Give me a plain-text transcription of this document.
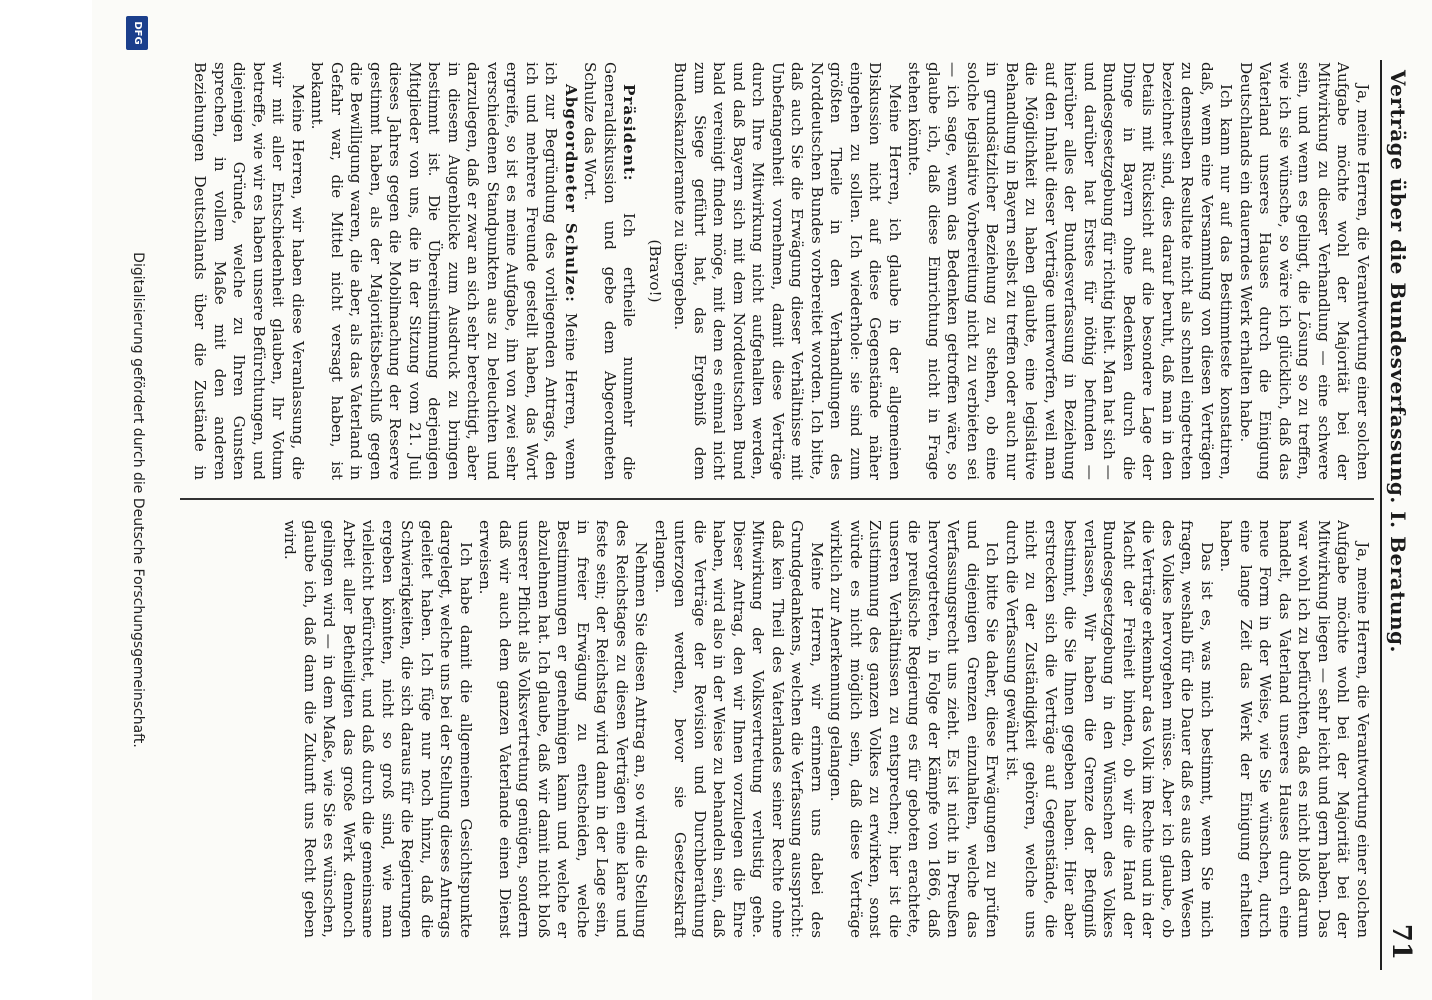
Verträge über die Bundesverfassung. I. Beratung.
71

Ja, meine Herren, die Verantwortung einer solchen Aufgabe möchte wohl der Majorität bei der Mitwirkung zu dieser Verhandlung — eine schwere sein, und wenn es gelingt, die Lösung so zu treffen, wie ich sie wünsche, so wäre ich glücklich, daß das Vaterland unseres Hauses durch die Einigung Deutschlands ein dauerndes Werk erhalten habe.

Ich kann nur auf das Bestimmteste konstatiren, daß, wenn eine Versammlung von diesen Verträgen zu demselben Resultate nicht als schnell eingetreten bezeichnet sind, dies darauf beruht, daß man in den Details mit Rücksicht auf die besondere Lage der Dinge in Bayern ohne Bedenken durch die Bundesgesetzgebung für richtig hielt. Man hat sich — und darüber hat Erstes für nöthig befunden — hierüber alles der Bundesverfassung in Beziehung auf den Inhalt dieser Verträge unterworfen, weil man die Möglichkeit zu haben glaubte, eine legislative Behandlung in Bayern selbst zu treffen oder auch nur in grundsätzlicher Beziehung zu stehen, ob eine solche legislative Vorbereitung nicht zu verbieten sei — ich sage, wenn das Bedenken getroffen wäre, so glaube ich, daß diese Einrichtung nicht in Frage stehen könnte.

Meine Herren, ich glaube in der allgemeinen Diskussion nicht auf diese Gegenstände näher eingehen zu sollen. Ich wiederhole: sie sind zum größten Theile in den Verhandlungen des Norddeutschen Bundes vorbereitet worden. Ich bitte, daß auch Sie die Erwägung dieser Verhältnisse mit Unbefangenheit vornehmen, damit diese Verträge durch Ihre Mitwirkung nicht aufgehalten werden, und daß Bayern sich mit dem Norddeutschen Bund bald vereinigt finden möge, mit dem es einmal nicht zum Siege geführt hat, das Ergebniß dem Bundeskanzleramte zu übergeben.

(Bravo!)

Präsident: Ich ertheile nunmehr die Generaldiskussion und gebe dem Abgeordneten Schulze das Wort.

Abgeordneter Schulze: Meine Herren, wenn ich zur Begründung des vorliegenden Antrags, den ich und mehrere Freunde gestellt haben, das Wort ergreife, so ist es meine Aufgabe, ihn von zwei sehr verschiedenen Standpunkten aus zu beleuchten und darzulegen, daß er zwar an sich sehr berechtigt, aber in diesem Augenblicke zum Ausdruck zu bringen bestimmt ist. Die Übereinstimmung derjenigen Mitglieder von uns, die in der Sitzung vom 21. Juli dieses Jahres gegen die Mobilmachung der Reserve gestimmt haben, als der Majoritätsbeschluß gegen die Bewilligung waren, die aber, als das Vaterland in Gefahr war, die Mittel nicht versagt haben, ist bekannt.

Meine Herren, wir haben diese Veranlassung, die wir mit aller Entschiedenheit glauben, Ihr Votum betreffe, wie wir es haben unsere Befürchtungen, und diejenigen Gründe, welche zu Ihren Gunsten sprechen, in vollem Maße mit den anderen Beziehungen Deutschlands über die Zustände in

Ja, meine Herren, die Verantwortung einer solchen Aufgabe möchte wohl bei der Majorität bei der Mitwirkung liegen — sehr leicht und gern haben. Das war wohl ich zu befürchten, daß es nicht bloß darum handelt, das Vaterland unseres Hauses durch eine neue Form in der Weise, wie Sie wünschen, durch eine lange Zeit das Werk der Einigung erhalten haben.

Das ist es, was mich bestimmt, wenn Sie mich fragen, weshalb für die Dauer daß es aus dem Wesen des Volkes hervorgehen müsse. Aber ich glaube, ob die Verträge erkennbar das Volk im Rechte und in der Macht der Freiheit binden, ob wir die Hand der Bundesgesetzgebung in den Wünschen des Volkes verlassen, Wir haben die Grenze der Befugniß bestimmt, die Sie Ihnen gegeben haben. Hier aber erstrecken sich die Verträge auf Gegenstände, die nicht zu der Zuständigkeit gehören, welche uns durch die Verfassung gewährt ist.

Ich bitte Sie daher, diese Erwägungen zu prüfen und diejenigen Grenzen einzuhalten, welche das Verfassungsrecht uns zieht. Es ist nicht in Preußen hervorgetreten, in Folge der Kämpfe von 1866, daß die preußische Regierung es für geboten erachtete, unseren Verhältnissen zu entsprechen; hier ist die Zustimmung des ganzen Volkes zu erwirken, sonst würde es nicht möglich sein, daß diese Verträge wirklich zur Anerkennung gelangen.

Meine Herren, wir erinnern uns dabei des Grundgedankens, welchen die Verfassung ausspricht: daß kein Theil des Vaterlandes seiner Rechte ohne Mitwirkung der Volksvertretung verlustig gehe. Dieser Antrag, den wir Ihnen vorzulegen die Ehre haben, wird also in der Weise zu behandeln sein, daß die Verträge der Revision und Durchberathung unterzogen werden, bevor sie Gesetzeskraft erlangen.

Nehmen Sie diesen Antrag an, so wird die Stellung des Reichstages zu diesen Verträgen eine klare und feste sein; der Reichstag wird dann in der Lage sein, in freier Erwägung zu entscheiden, welche Bestimmungen er genehmigen kann und welche er abzulehnen hat. Ich glaube, daß wir damit nicht bloß unserer Pflicht als Volksvertretung genügen, sondern daß wir auch dem ganzen Vaterlande einen Dienst erweisen.

Ich habe damit die allgemeinen Gesichtspunkte dargelegt, welche uns bei der Stellung dieses Antrags geleitet haben. Ich füge nur noch hinzu, daß die Schwierigkeiten, die sich daraus für die Regierungen ergeben könnten, nicht so groß sind, wie man vielleicht befürchtet, und daß durch die gemeinsame Arbeit aller Betheiligten das große Werk dennoch gelingen wird — in dem Maße, wie Sie es wünschen, glaube ich, daß dann die Zukunft uns Recht geben wird.

Digitalisierung gefördert durch die Deutsche Forschungsgemeinschaft.
DFG
